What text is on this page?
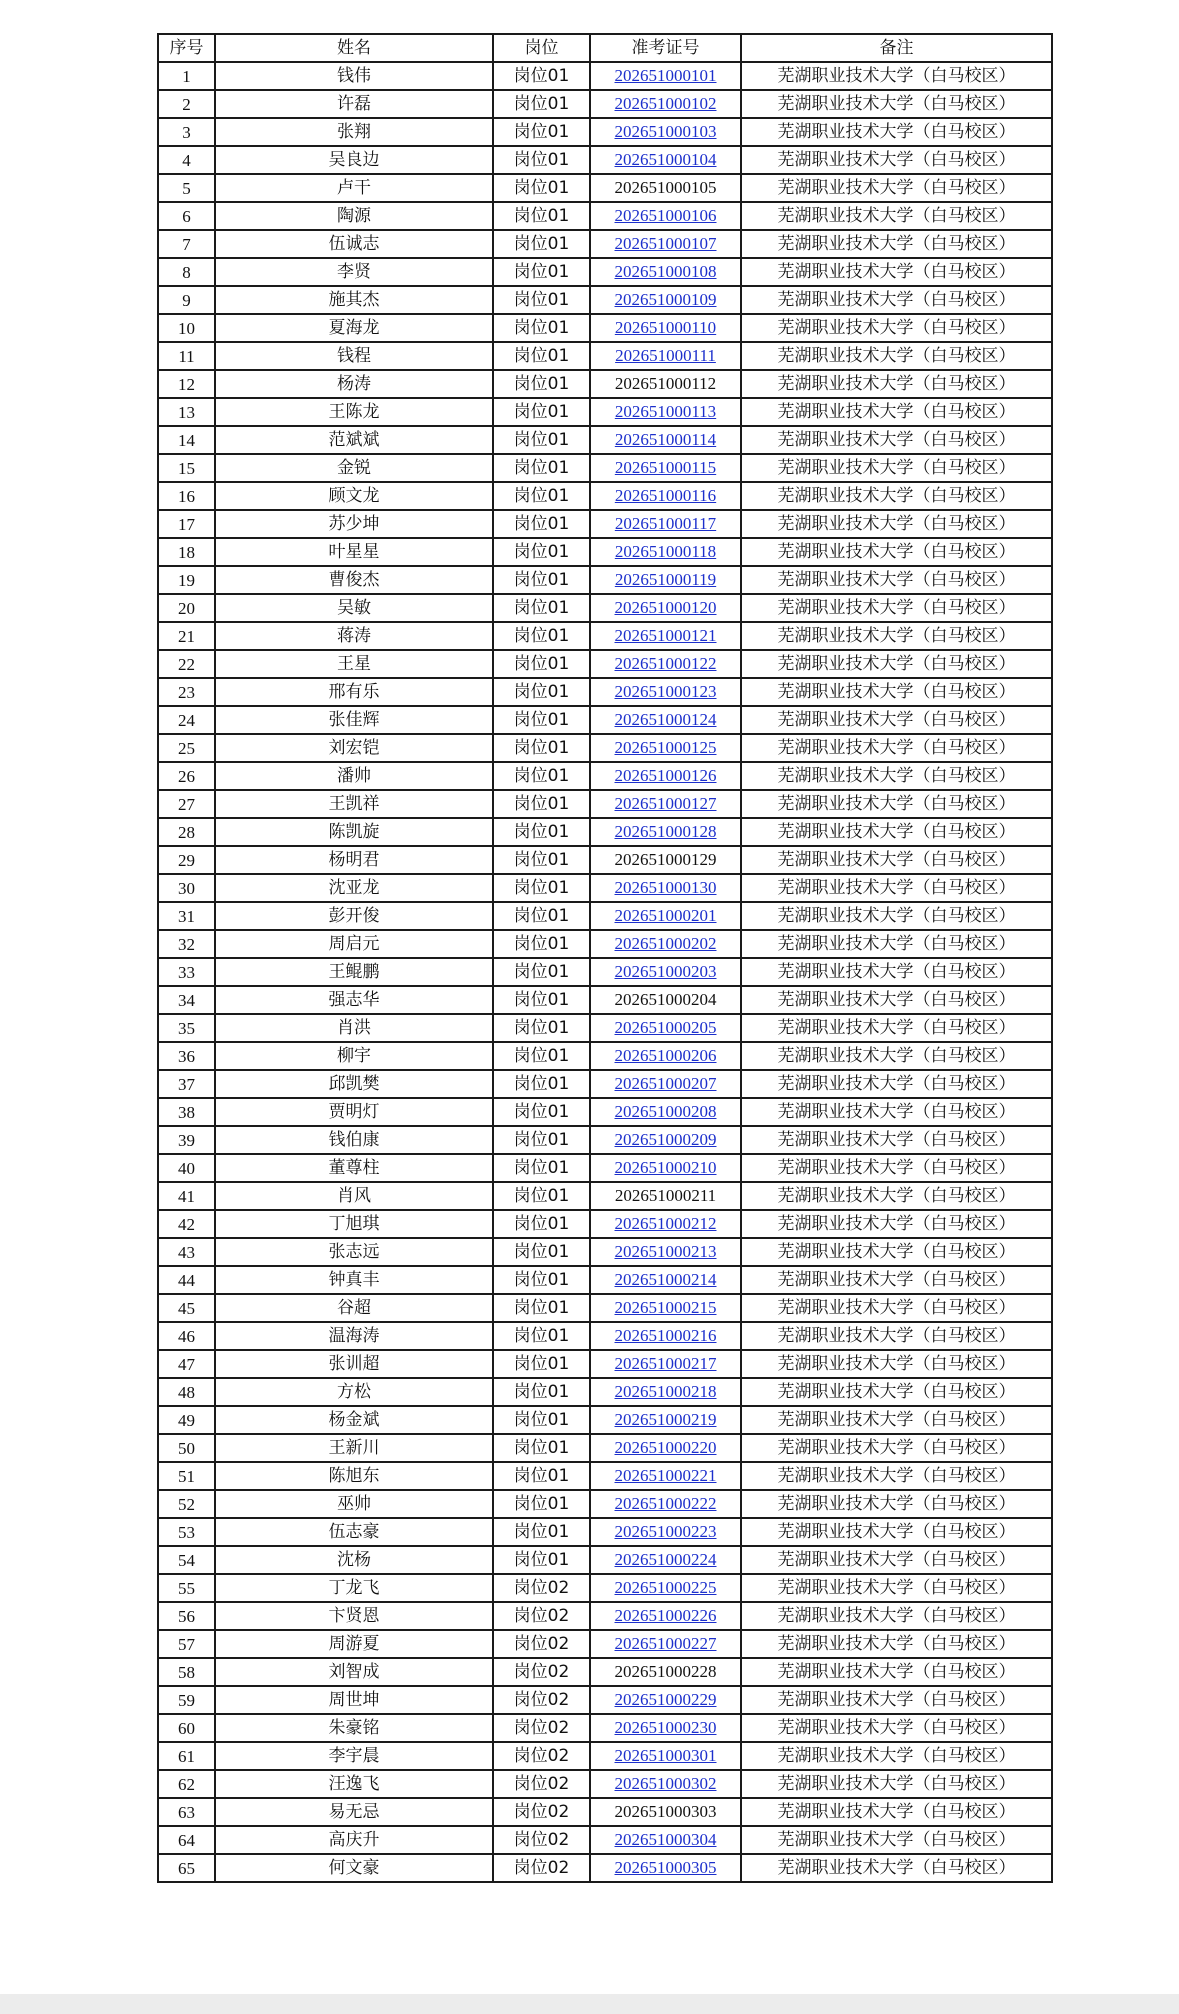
序号	姓名	岗位	准考证号	备注
1	钱伟	岗位01	202651000101	芜湖职业技术大学（白马校区）
2	许磊	岗位01	202651000102	芜湖职业技术大学（白马校区）
3	张翔	岗位01	202651000103	芜湖职业技术大学（白马校区）
4	吴良边	岗位01	202651000104	芜湖职业技术大学（白马校区）
5	卢干	岗位01	202651000105	芜湖职业技术大学（白马校区）
6	陶源	岗位01	202651000106	芜湖职业技术大学（白马校区）
7	伍诚志	岗位01	202651000107	芜湖职业技术大学（白马校区）
8	李贤	岗位01	202651000108	芜湖职业技术大学（白马校区）
9	施其杰	岗位01	202651000109	芜湖职业技术大学（白马校区）
10	夏海龙	岗位01	202651000110	芜湖职业技术大学（白马校区）
11	钱程	岗位01	202651000111	芜湖职业技术大学（白马校区）
12	杨涛	岗位01	202651000112	芜湖职业技术大学（白马校区）
13	王陈龙	岗位01	202651000113	芜湖职业技术大学（白马校区）
14	范斌斌	岗位01	202651000114	芜湖职业技术大学（白马校区）
15	金锐	岗位01	202651000115	芜湖职业技术大学（白马校区）
16	顾文龙	岗位01	202651000116	芜湖职业技术大学（白马校区）
17	苏少坤	岗位01	202651000117	芜湖职业技术大学（白马校区）
18	叶星星	岗位01	202651000118	芜湖职业技术大学（白马校区）
19	曹俊杰	岗位01	202651000119	芜湖职业技术大学（白马校区）
20	吴敏	岗位01	202651000120	芜湖职业技术大学（白马校区）
21	蒋涛	岗位01	202651000121	芜湖职业技术大学（白马校区）
22	王星	岗位01	202651000122	芜湖职业技术大学（白马校区）
23	邢有乐	岗位01	202651000123	芜湖职业技术大学（白马校区）
24	张佳辉	岗位01	202651000124	芜湖职业技术大学（白马校区）
25	刘宏铠	岗位01	202651000125	芜湖职业技术大学（白马校区）
26	潘帅	岗位01	202651000126	芜湖职业技术大学（白马校区）
27	王凯祥	岗位01	202651000127	芜湖职业技术大学（白马校区）
28	陈凯旋	岗位01	202651000128	芜湖职业技术大学（白马校区）
29	杨明君	岗位01	202651000129	芜湖职业技术大学（白马校区）
30	沈亚龙	岗位01	202651000130	芜湖职业技术大学（白马校区）
31	彭开俊	岗位01	202651000201	芜湖职业技术大学（白马校区）
32	周启元	岗位01	202651000202	芜湖职业技术大学（白马校区）
33	王鲲鹏	岗位01	202651000203	芜湖职业技术大学（白马校区）
34	强志华	岗位01	202651000204	芜湖职业技术大学（白马校区）
35	肖洪	岗位01	202651000205	芜湖职业技术大学（白马校区）
36	柳宇	岗位01	202651000206	芜湖职业技术大学（白马校区）
37	邱凯樊	岗位01	202651000207	芜湖职业技术大学（白马校区）
38	贾明灯	岗位01	202651000208	芜湖职业技术大学（白马校区）
39	钱伯康	岗位01	202651000209	芜湖职业技术大学（白马校区）
40	董尊柱	岗位01	202651000210	芜湖职业技术大学（白马校区）
41	肖风	岗位01	202651000211	芜湖职业技术大学（白马校区）
42	丁旭琪	岗位01	202651000212	芜湖职业技术大学（白马校区）
43	张志远	岗位01	202651000213	芜湖职业技术大学（白马校区）
44	钟真丰	岗位01	202651000214	芜湖职业技术大学（白马校区）
45	谷超	岗位01	202651000215	芜湖职业技术大学（白马校区）
46	温海涛	岗位01	202651000216	芜湖职业技术大学（白马校区）
47	张训超	岗位01	202651000217	芜湖职业技术大学（白马校区）
48	方松	岗位01	202651000218	芜湖职业技术大学（白马校区）
49	杨金斌	岗位01	202651000219	芜湖职业技术大学（白马校区）
50	王新川	岗位01	202651000220	芜湖职业技术大学（白马校区）
51	陈旭东	岗位01	202651000221	芜湖职业技术大学（白马校区）
52	巫帅	岗位01	202651000222	芜湖职业技术大学（白马校区）
53	伍志豪	岗位01	202651000223	芜湖职业技术大学（白马校区）
54	沈杨	岗位01	202651000224	芜湖职业技术大学（白马校区）
55	丁龙飞	岗位02	202651000225	芜湖职业技术大学（白马校区）
56	卞贤恩	岗位02	202651000226	芜湖职业技术大学（白马校区）
57	周游夏	岗位02	202651000227	芜湖职业技术大学（白马校区）
58	刘智成	岗位02	202651000228	芜湖职业技术大学（白马校区）
59	周世坤	岗位02	202651000229	芜湖职业技术大学（白马校区）
60	朱豪铭	岗位02	202651000230	芜湖职业技术大学（白马校区）
61	李宇晨	岗位02	202651000301	芜湖职业技术大学（白马校区）
62	汪逸飞	岗位02	202651000302	芜湖职业技术大学（白马校区）
63	易无忌	岗位02	202651000303	芜湖职业技术大学（白马校区）
64	高庆升	岗位02	202651000304	芜湖职业技术大学（白马校区）
65	何文豪	岗位02	202651000305	芜湖职业技术大学（白马校区）
